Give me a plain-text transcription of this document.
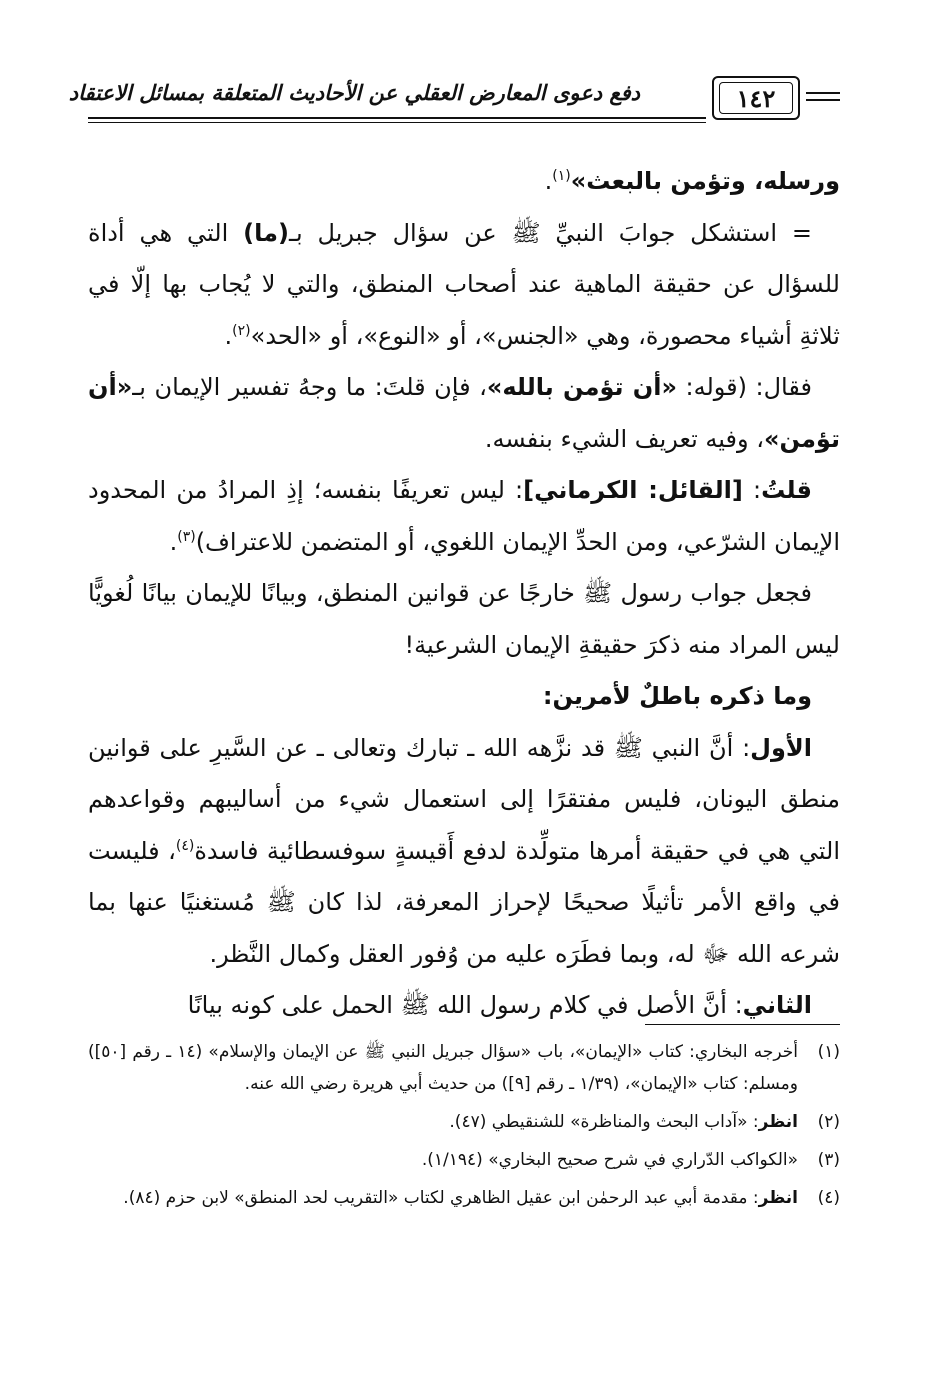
دفع دعوى المعارض العقلي عن الأحاديث المتعلقة بمسائل الاعتقاد	١٤٢

ورسله، وتؤمن بالبعث»$^{(١)}$.

= استشكل جوابَ النبيِّ ﷺ عن سؤال جبريل بـ(ما) التي هي أداة للسؤال عن حقيقة الماهية عند أصحاب المنطق، والتي لا يُجاب بها إلّا في ثلاثةِ أشياء محصورة، وهي «الجنس»، أو «النوع»، أو «الحد»$^{(٢)}$.

فقال: (قوله: «أن تؤمن بالله»، فإن قلتَ: ما وجهُ تفسير الإيمان بـ«أن تؤمن»، وفيه تعريف الشيء بنفسه.

قلتُ: [القائل: الكرماني]: ليس تعريفًا بنفسه؛ إذِ المرادُ من المحدود الإيمان الشرّعي، ومن الحدِّ الإيمان اللغوي، أو المتضمن للاعتراف)$^{(٣)}$.

فجعل جواب رسول ﷺ خارجًا عن قوانين المنطق، وبيانًا للإيمان بيانًا لُغويًّا ليس المراد منه ذكرَ حقيقةِ الإيمان الشرعية!

وما ذكره باطلٌ لأمرين:

الأول: أنَّ النبي ﷺ قد نزَّهه الله ـ تبارك وتعالى ـ عن السَّيرِ على قوانين منطق اليونان، فليس مفتقرًا إلى استعمال شيء من أساليبهم وقواعدهم التي هي في حقيقة أمرها متولِّدة لدفع أَقيسةٍ سوفسطائية فاسدة$^{(٤)}$، فليست في واقع الأمر تأثيلًا صحيحًا لإحراز المعرفة، لذا كان ﷺ مُستغنيًا عنها بما شرعه الله ﷻ له، وبما فطَرَه عليه من وُفور العقل وكمال النَّظر.

الثاني: أنَّ الأصل في كلام رسول الله ﷺ الحمل على كونه بيانًا

(١)
أخرجه البخاري: كتاب «الإيمان»، باب «سؤال جبريل النبي ﷺ عن الإيمان والإسلام» (١٤ ـ رقم [٥٠]) ومسلم: كتاب «الإيمان»، (١/٣٩ ـ رقم [٩]) من حديث أبي هريرة رضي الله عنه.
(٢)
انظر: «آداب البحث والمناظرة» للشنقيطي (٤٧).
(٣)
«الكواكب الدّراري في شرح صحيح البخاري» (١/١٩٤).
(٤)
انظر: مقدمة أبي عبد الرحمٰن ابن عقيل الظاهري لكتاب «التقريب لحد المنطق» لابن حزم (٨٤).
